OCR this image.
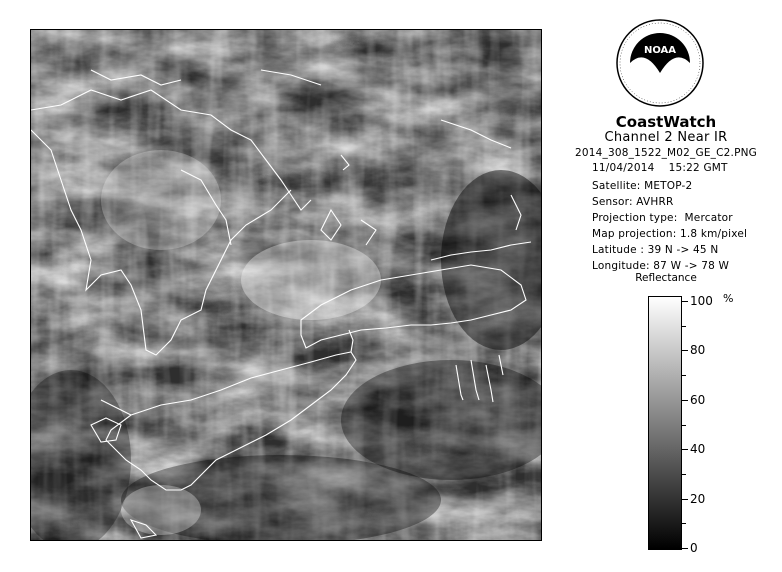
NOAA
CoastWatch
Channel 2 Near IR
2014_308_1522_M02_GE_C2.PNG
11/04/2014    15:22 GMT
Satellite: METOP-2
Sensor: AVHRR
Projection type:  Mercator
Map projection: 1.8 km/pixel
Latitude : 39 N -> 45 N
Longitude: 87 W -> 78 W
Reflectance
%
100
80
60
40
20
0
